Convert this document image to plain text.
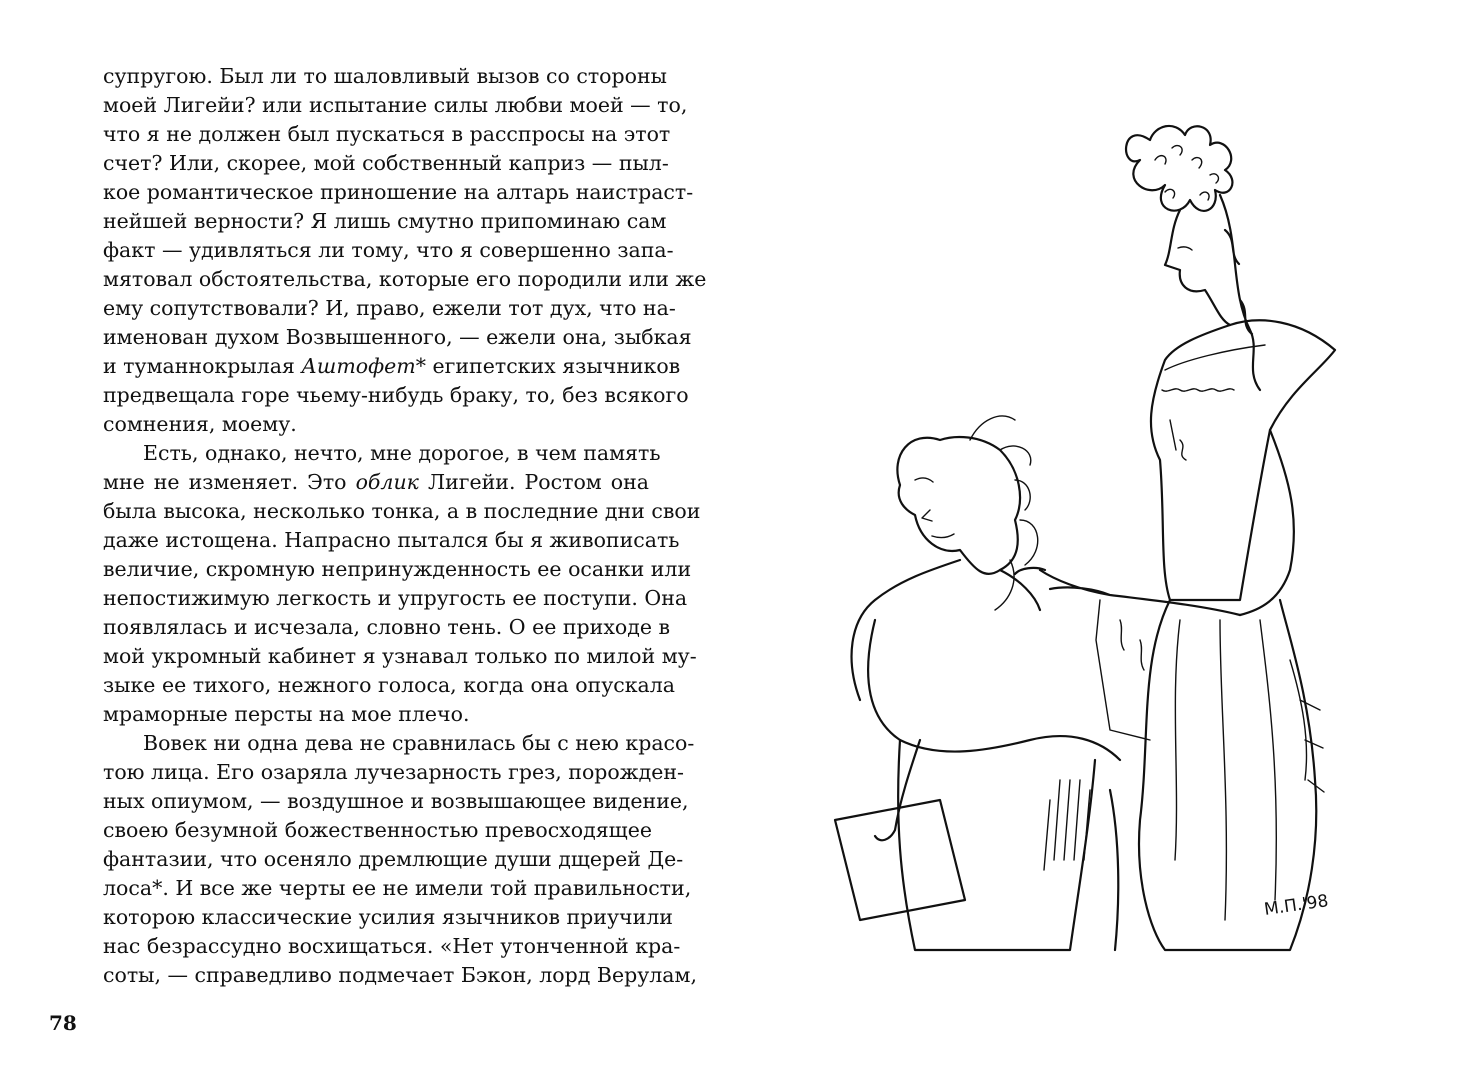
супругою. Был ли то шаловливый вызов со стороны
моей Лигейи? или испытание силы любви моей — то,
что я не должен был пускаться в расспросы на этот
счет? Или, скорее, мой собственный каприз — пыл-
кое романтическое приношение на алтарь наистраст-
нейшей верности? Я лишь смутно припоминаю сам
факт — удивляться ли тому, что я совершенно запа-
мятовал обстоятельства, которые его породили или же
ему сопутствовали? И, право, ежели тот дух, что на-
именован духом Возвышенного, — ежели она, зыбкая
и туманнокрылая Аштофет* египетских язычников
предвещала горе чьему-нибудь браку, то, без всякого
сомнения, моему.
Есть, однако, нечто, мне дорогое, в чем память
мне не изменяет. Это облик Лигейи. Ростом она
была высока, несколько тонка, а в последние дни свои
даже истощена. Напрасно пытался бы я живописать
величие, скромную непринужденность ее осанки или
непостижимую легкость и упругость ее поступи. Она
появлялась и исчезала, словно тень. О ее приходе в
мой укромный кабинет я узнавал только по милой му-
зыке ее тихого, нежного голоса, когда она опускала
мраморные персты на мое плечо.
Вовек ни одна дева не сравнилась бы с нею красо-
тою лица. Его озаряла лучезарность грез, порожден-
ных опиумом, — воздушное и возвышающее видение,
своею безумной божественностью превосходящее
фантазии, что осеняло дремлющие души дщерей Де-
лоса*. И все же черты ее не имели той правильности,
которою классические усилия язычников приучили
нас безрассудно восхищаться. «Нет утонченной кра-
соты, — справедливо подмечает Бэкон, лорд Верулам,
78
М.П.'98
